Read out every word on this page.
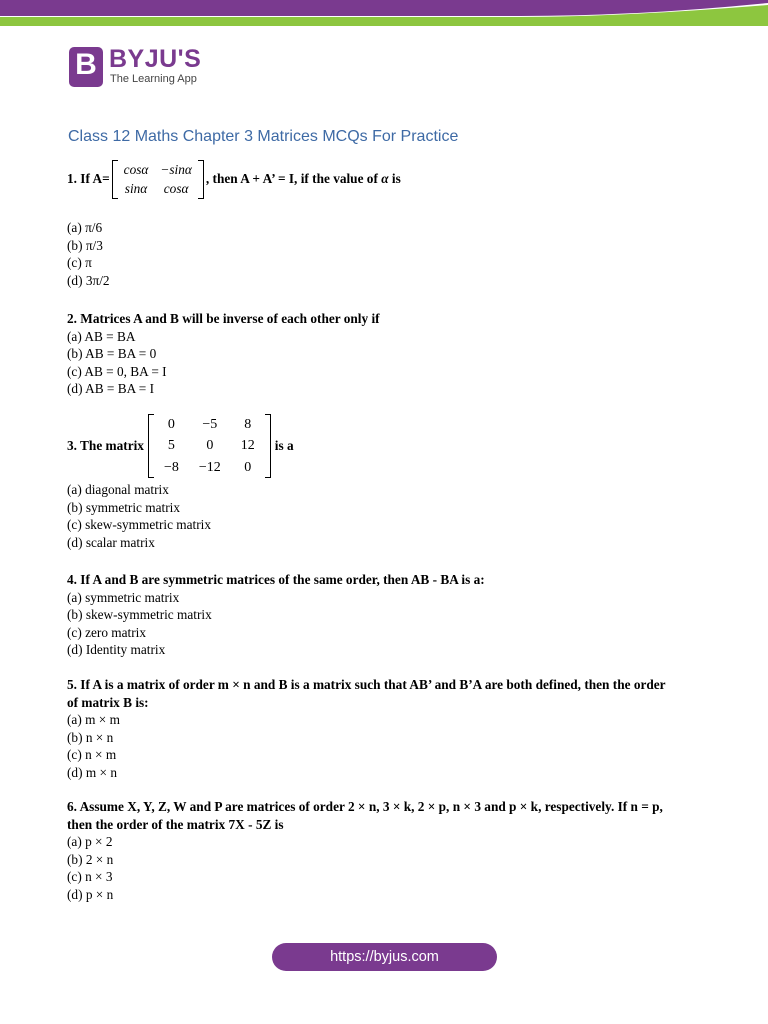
B BYJU'S
The Learning App
Class 12 Maths Chapter 3 Matrices MCQs For Practice
1. If A=
cosα	−sinα
sinα	cosα
, then A + A’ = I, if the value of α is
(a) π/6
(b) π/3
(c) π
(d) 3π/2
2. Matrices A and B will be inverse of each other only if
(a) AB = BA
(b) AB = BA = 0
(c) AB = 0, BA = I
(d) AB = BA = I
3. The matrix
0	−5	8
5	0	12
−8	−12	0
is a
(a) diagonal matrix
(b) symmetric matrix
(c) skew-symmetric matrix
(d) scalar matrix
4. If A and B are symmetric matrices of the same order, then AB - BA is a:
(a) symmetric matrix
(b) skew-symmetric matrix
(c) zero matrix
(d) Identity matrix
5. If A is a matrix of order m × n and B is a matrix such that AB’ and B’A are both defined, then the order
of matrix B is:
(a) m × m
(b) n × n
(c) n × m
(d) m × n
6. Assume X, Y, Z, W and P are matrices of order 2 × n, 3 × k, 2 × p, n × 3 and p × k, respectively. If n = p,
then the order of the matrix 7X - 5Z is
(a) p × 2
(b) 2 × n
(c) n × 3
(d) p × n
https://byjus.com
